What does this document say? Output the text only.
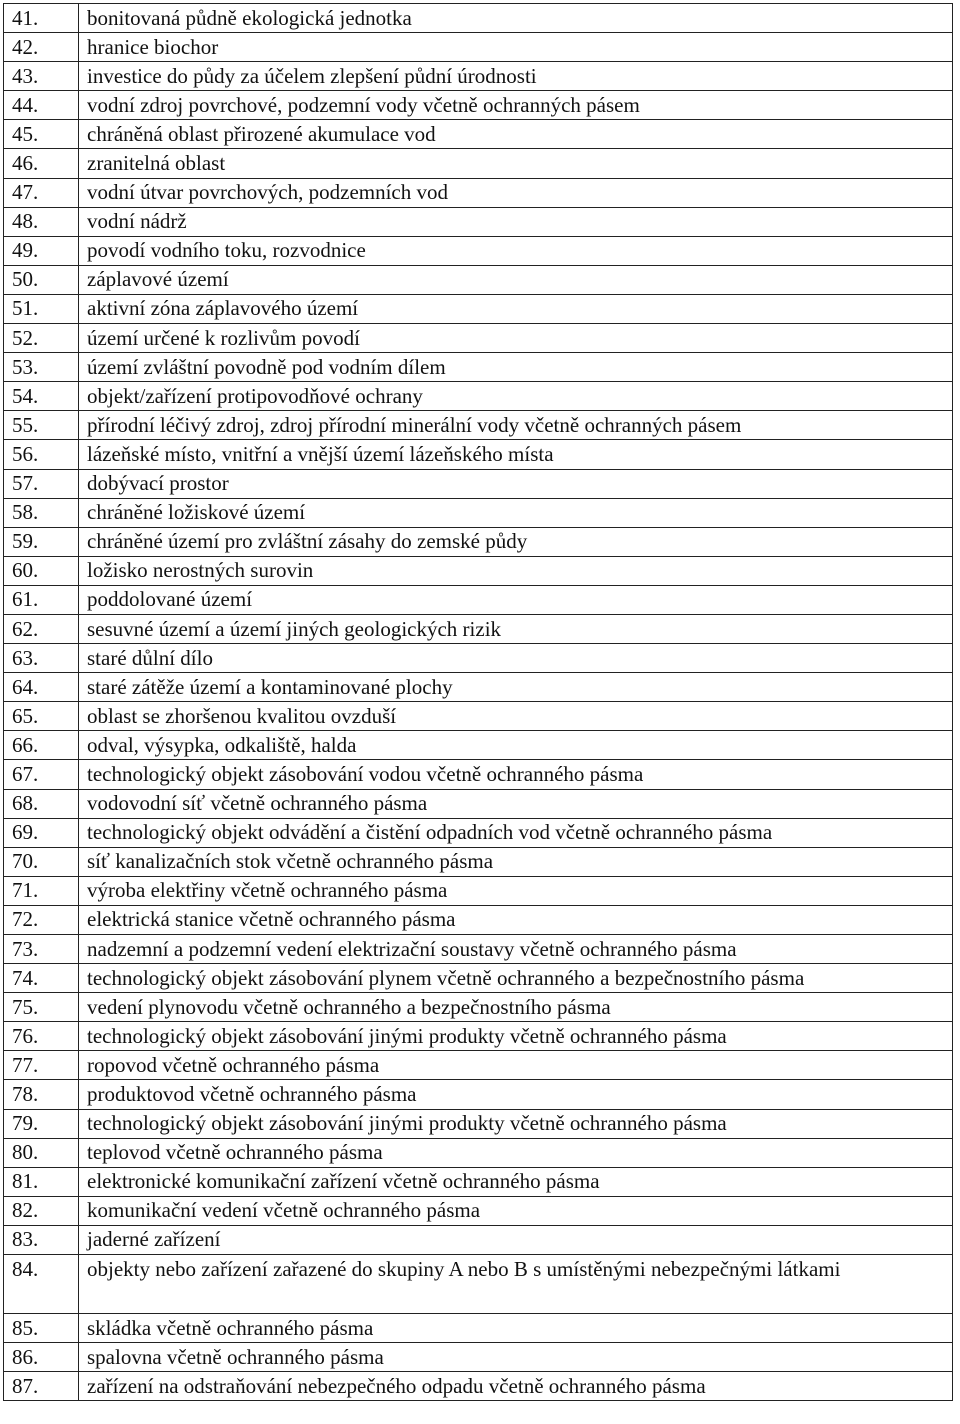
41.	bonitovaná půdně ekologická jednotka
42.	hranice biochor
43.	investice do půdy za účelem zlepšení půdní úrodnosti
44.	vodní zdroj povrchové, podzemní vody včetně ochranných pásem
45.	chráněná oblast přirozené akumulace vod
46.	zranitelná oblast
47.	vodní útvar povrchových, podzemních vod
48.	vodní nádrž
49.	povodí vodního toku, rozvodnice
50.	záplavové území
51.	aktivní zóna záplavového území
52.	území určené k rozlivům povodí
53.	území zvláštní povodně pod vodním dílem
54.	objekt/zařízení protipovodňové ochrany
55.	přírodní léčivý zdroj, zdroj přírodní minerální vody včetně ochranných pásem
56.	lázeňské místo, vnitřní a vnější území lázeňského místa
57.	dobývací prostor
58.	chráněné ložiskové území
59.	chráněné území pro zvláštní zásahy do zemské půdy
60.	ložisko nerostných surovin
61.	poddolované území
62.	sesuvné území a území jiných geologických rizik
63.	staré důlní dílo
64.	staré zátěže území a kontaminované plochy
65.	oblast se zhoršenou kvalitou ovzduší
66.	odval, výsypka, odkaliště, halda
67.	technologický objekt zásobování vodou včetně ochranného pásma
68.	vodovodní síť včetně ochranného pásma
69.	technologický objekt odvádění a čistění odpadních vod včetně ochranného pásma
70.	síť kanalizačních stok včetně ochranného pásma
71.	výroba elektřiny včetně ochranného pásma
72.	elektrická stanice včetně ochranného pásma
73.	nadzemní a podzemní vedení elektrizační soustavy včetně ochranného pásma
74.	technologický objekt zásobování plynem včetně ochranného a bezpečnostního pásma
75.	vedení plynovodu včetně ochranného a bezpečnostního pásma
76.	technologický objekt zásobování jinými produkty včetně ochranného pásma
77.	ropovod včetně ochranného pásma
78.	produktovod včetně ochranného pásma
79.	technologický objekt zásobování jinými produkty včetně ochranného pásma
80.	teplovod včetně ochranného pásma
81.	elektronické komunikační zařízení včetně ochranného pásma
82.	komunikační vedení včetně ochranného pásma
83.	jaderné zařízení
84.	objekty nebo zařízení zařazené do skupiny A nebo B s umístěnými nebezpečnými látkami
85.	skládka včetně ochranného pásma
86.	spalovna včetně ochranného pásma
87.	zařízení na odstraňování nebezpečného odpadu včetně ochranného pásma
